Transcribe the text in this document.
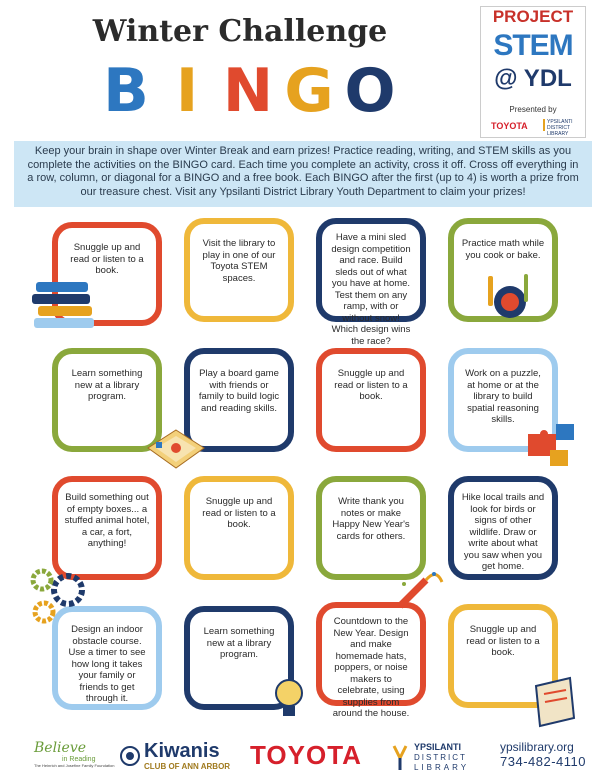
Winter Challenge
B I N G O
PROJECT
STEM
@ YDL
Presented by
TOYOTA	YPSILANTI DISTRICT LIBRARY
Keep your brain in shape over Winter Break and earn prizes! Practice reading, writing, and STEM skills as you complete the activities on the BINGO card. Each time you complete an activity, cross it off. Cross off everything in a row, column, or diagonal for a BINGO and a free book. Each BINGO after the first (up to 4) is worth a prize from our treasure chest. Visit any Ypsilanti District Library Youth Department to claim your prizes!
Snuggle up and read or listen to a book.
Visit the library to play in one of our Toyota STEM spaces.
Have a mini sled design competition and race. Build sleds out of what you have at home. Test them on any ramp, with or without snow! Which design wins the race?
Practice math while you cook or bake.
Learn something new at a library program.
Play a board game with friends or family to build logic and reading skills.
Snuggle up and read or listen to a book.
Work on a puzzle, at home or at the library to build spatial reasoning skills.
Build something out of empty boxes... a stuffed animal hotel, a car, a fort, anything!
Snuggle up and read or listen to a book.
Write thank you notes or make Happy New Year's cards for others.
Hike local trails and look for birds or signs of other wildlife. Draw or write about what you saw when you get home.
Design an indoor obstacle course. Use a timer to see how long it takes your family or friends to get through it.
Learn something new at a library program.
Countdown to the New Year. Design and make homemade hats, poppers, or noise makers to celebrate, using supplies from around the house.
Snuggle up and read or listen to a book.
Believe
in Reading
The Heinrich and Josefine Family Foundation
Kiwanis
CLUB OF ANN ARBOR TOYOTA	YPSILANTI
DISTRICT
LIBRARY
ypsilibrary.org
734-482-4110
